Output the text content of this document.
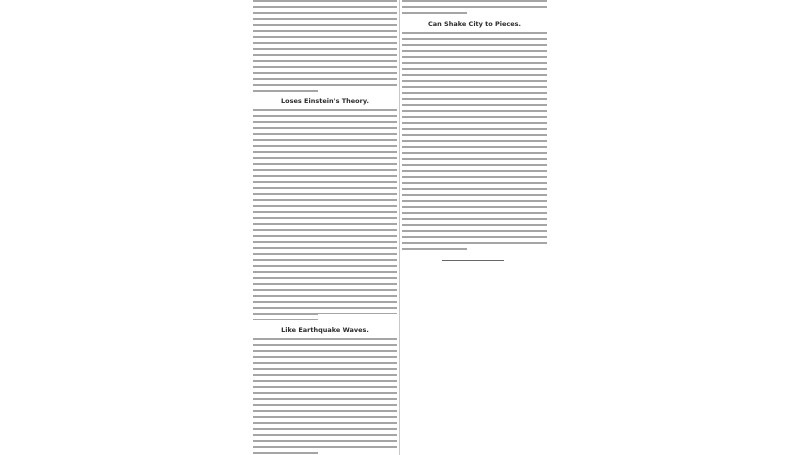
Loses Einstein's Theory.
Like Earthquake Waves.
Can Shake City to Pieces.
